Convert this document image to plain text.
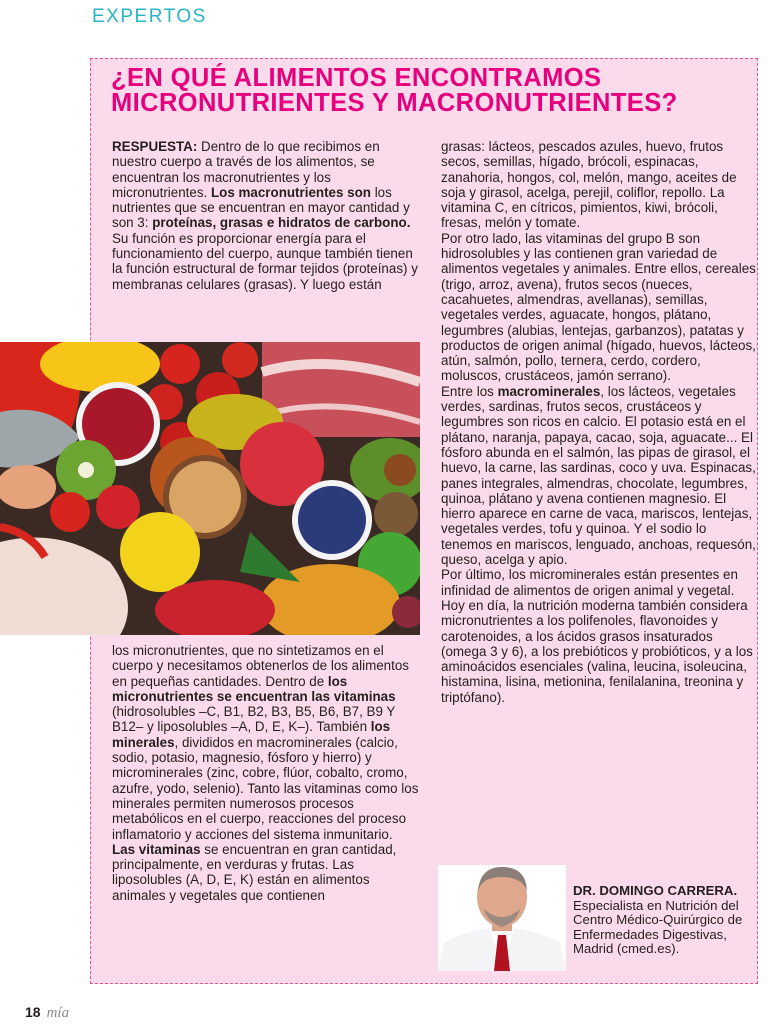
EXPERTOS
¿EN QUÉ ALIMENTOS ENCONTRAMOS MICRONUTRIENTES Y MACRONUTRIENTES?

RESPUESTA: Dentro de lo que recibimos en nuestro cuerpo a través de los alimentos, se encuentran los macronutrientes y los micronutrientes. Los macronutrientes son los nutrientes que se encuentran en mayor cantidad y son 3: proteínas, grasas e hidratos de carbono. Su función es proporcionar energía para el funcionamiento del cuerpo, aunque también tienen la función estructural de formar tejidos (proteínas) y membranas celulares (grasas). Y luego están

los micronutrientes, que no sintetizamos en el cuerpo y necesitamos obtenerlos de los alimentos en pequeñas cantidades. Dentro de los micronutrientes se encuentran las vitaminas (hidrosolubles –C, B1, B2, B3, B5, B6, B7, B9 Y B12– y liposolubles –A, D, E, K–). También los minerales, divididos en macrominerales (calcio, sodio, potasio, magnesio, fósforo y hierro) y microminerales (zinc, cobre, flúor, cobalto, cromo, azufre, yodo, selenio). Tanto las vitaminas como los minerales permiten numerosos procesos metabólicos en el cuerpo, reacciones del proceso inflamatorio y acciones del sistema inmunitario.

Las vitaminas se encuentran en gran cantidad, principalmente, en verduras y frutas. Las liposolubles (A, D, E, K) están en alimentos animales y vegetales que contienen

grasas: lácteos, pescados azules, huevo, frutos secos, semillas, hígado, brócoli, espinacas, zanahoria, hongos, col, melón, mango, aceites de soja y girasol, acelga, perejil, coliflor, repollo. La vitamina C, en cítricos, pimientos, kiwi, brócoli, fresas, melón y tomate.

Por otro lado, las vitaminas del grupo B son hidrosolubles y las contienen gran variedad de alimentos vegetales y animales. Entre ellos, cereales (trigo, arroz, avena), frutos secos (nueces, cacahuetes, almendras, avellanas), semillas, vegetales verdes, aguacate, hongos, plátano, legumbres (alubias, lentejas, garbanzos), patatas y productos de origen animal (hígado, huevos, lácteos, atún, salmón, pollo, ternera, cerdo, cordero, moluscos, crustáceos, jamón serrano).

Entre los macrominerales, los lácteos, vegetales verdes, sardinas, frutos secos, crustáceos y legumbres son ricos en calcio. El potasio está en el plátano, naranja, papaya, cacao, soja, aguacate... El fósforo abunda en el salmón, las pipas de girasol, el huevo, la carne, las sardinas, coco y uva. Espinacas, panes integrales, almendras, chocolate, legumbres, quinoa, plátano y avena contienen magnesio. El hierro aparece en carne de vaca, mariscos, lentejas, vegetales verdes, tofu y quinoa. Y el sodio lo tenemos en mariscos, lenguado, anchoas, requesón, queso, acelga y apio.

Por último, los microminerales están presentes en infinidad de alimentos de origen animal y vegetal.

Hoy en día, la nutrición moderna también considera micronutrientes a los polifenoles, flavonoides y carotenoides, a los ácidos grasos insaturados (omega 3 y 6), a los prebióticos y probióticos, y a los aminoácidos esenciales (valina, leucina, isoleucina, histamina, lisina, metionina, fenilalanina, treonina y triptófano).

DR. DOMINGO CARRERA. Especialista en Nutrición del Centro Médico-Quirúrgico de Enfermedades Digestivas, Madrid (cmed.es).
18 mía
